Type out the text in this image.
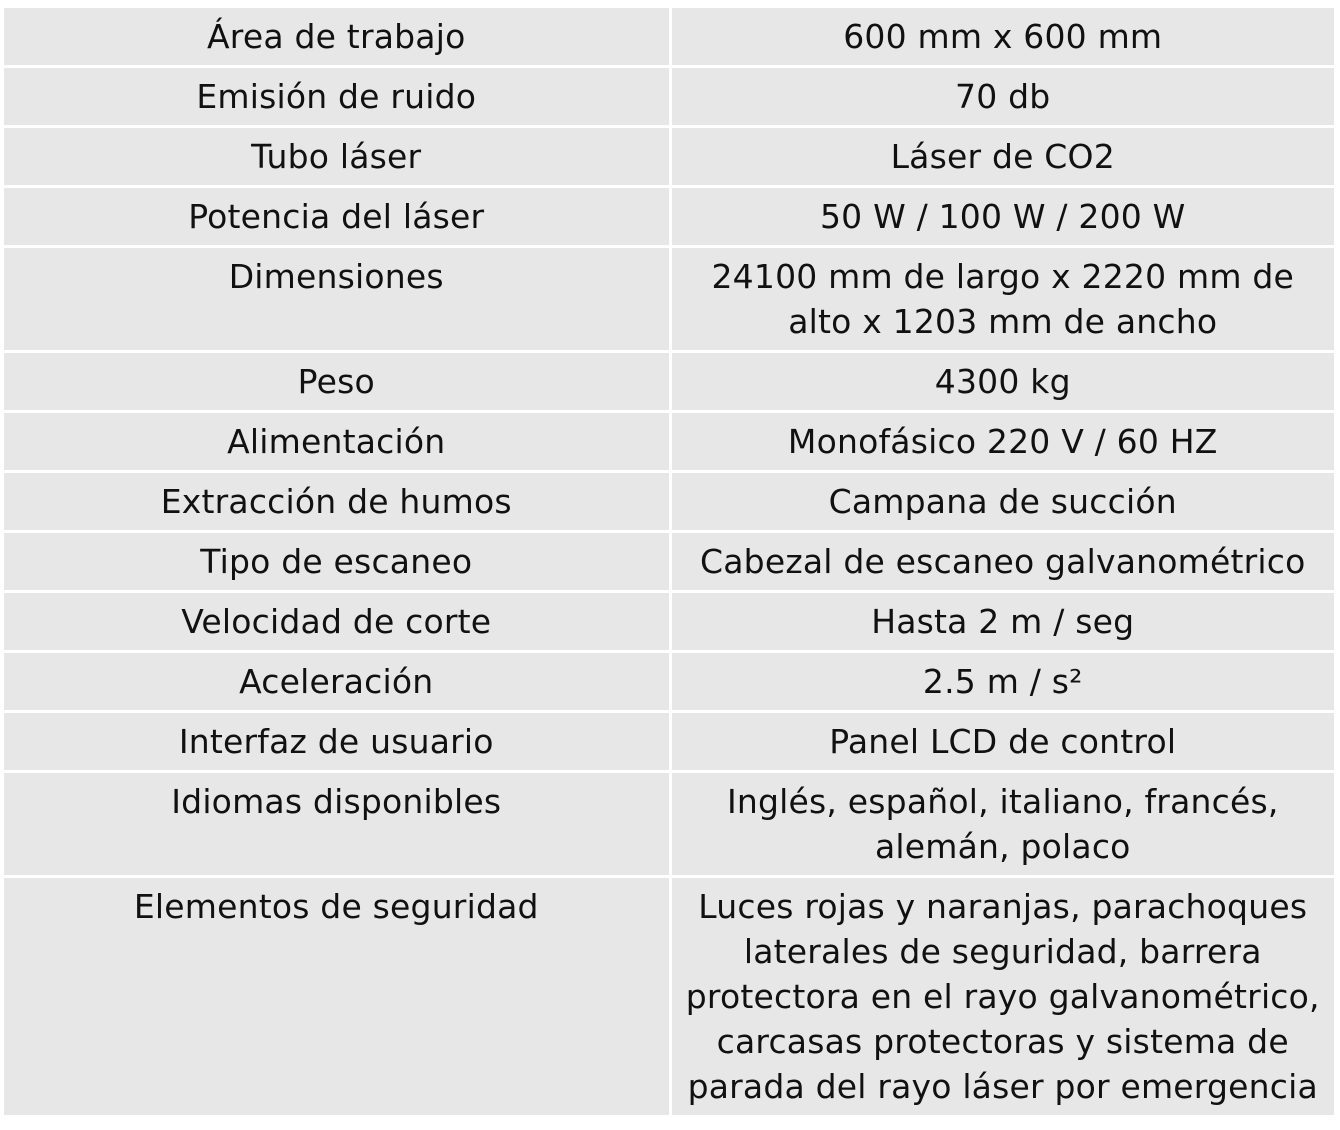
Área de trabajo	600 mm x 600 mm
Emisión de ruido	70 db
Tubo láser	Láser de CO2
Potencia del láser	50 W / 100 W / 200 W
Dimensiones	24100 mm de largo x 2220 mm de alto x 1203 mm de ancho
Peso	4300 kg
Alimentación	Monofásico 220 V / 60 HZ
Extracción de humos	Campana de succión
Tipo de escaneo	Cabezal de escaneo galvanométrico
Velocidad de corte	Hasta 2 m / seg
Aceleración	2.5 m / s²
Interfaz de usuario	Panel LCD de control
Idiomas disponibles	Inglés, español, italiano, francés, alemán, polaco
Elementos de seguridad	Luces rojas y naranjas, parachoques laterales de seguridad, barrera protectora en el rayo galvanométrico, carcasas protectoras y sistema de parada del rayo láser por emergencia
